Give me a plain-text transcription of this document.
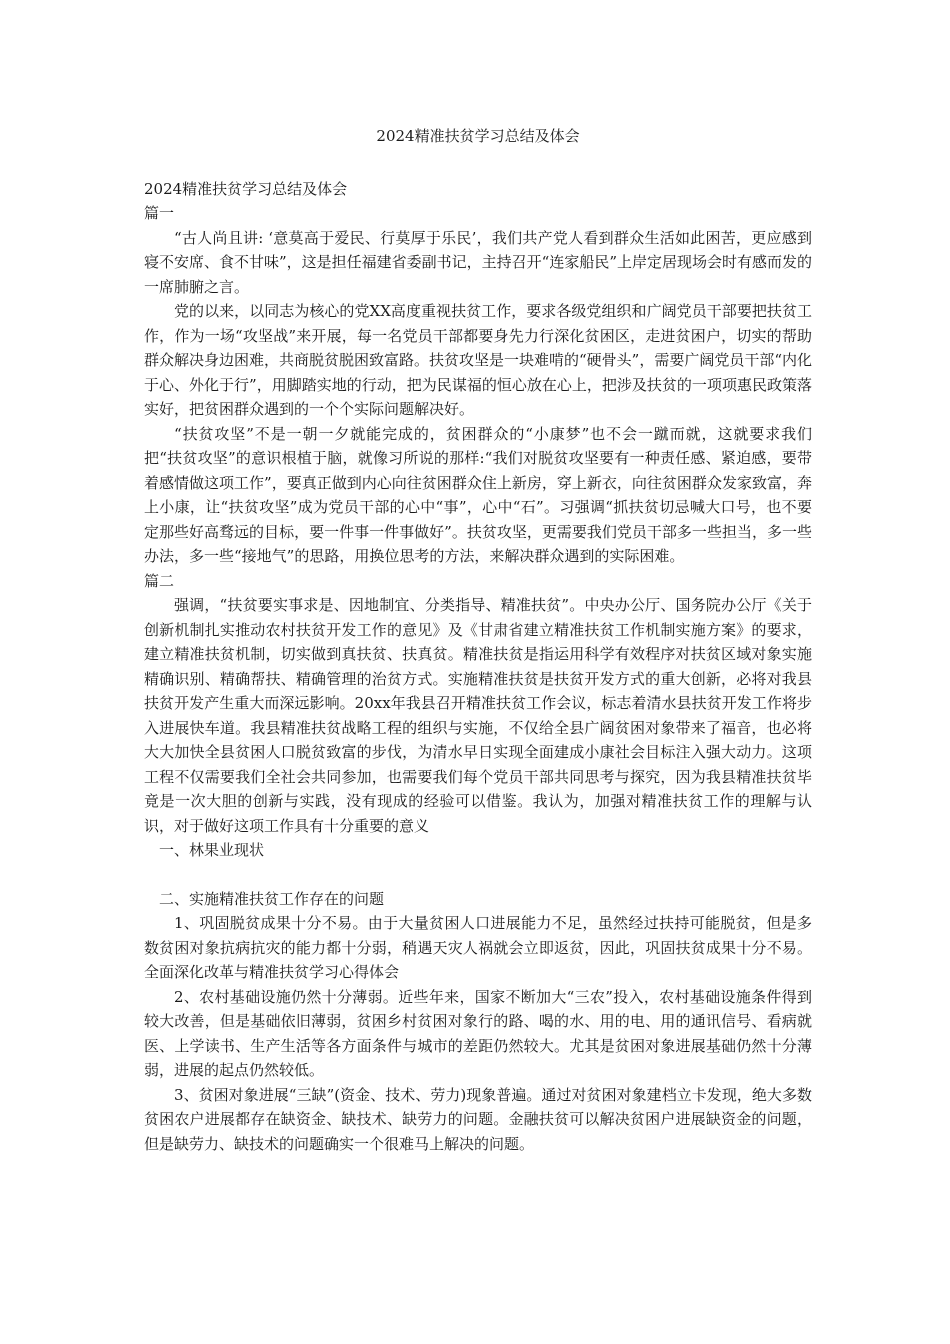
2024精准扶贫学习总结及体会

2024精准扶贫学习总结及体会

篇一

“古人尚且讲: ‘意莫高于爱民、行莫厚于乐民’，我们共产党人看到群众生活如此困苦，更应感到寝不安席、食不甘味”，这是担任福建省委副书记，主持召开“连家船民”上岸定居现场会时有感而发的一席肺腑之言。

党的以来，以同志为核心的党XX高度重视扶贫工作，要求各级党组织和广阔党员干部要把扶贫工作，作为一场“攻坚战”来开展，每一名党员干部都要身先力行深化贫困区，走进贫困户，切实的帮助群众解决身边困难，共商脱贫脱困致富路。扶贫攻坚是一块难啃的“硬骨头”，需要广阔党员干部“内化于心、外化于行”，用脚踏实地的行动，把为民谋福的恒心放在心上，把涉及扶贫的一项项惠民政策落实好，把贫困群众遇到的一个个实际问题解决好。

“扶贫攻坚”不是一朝一夕就能完成的，贫困群众的“小康梦”也不会一蹴而就，这就要求我们把“扶贫攻坚”的意识根植于脑，就像习所说的那样:“我们对脱贫攻坚要有一种责任感、紧迫感，要带着感情做这项工作”，要真正做到内心向往贫困群众住上新房，穿上新衣，向往贫困群众发家致富，奔上小康，让“扶贫攻坚”成为党员干部的心中“事”，心中“石”。习强调“抓扶贫切忌喊大口号，也不要定那些好高骛远的目标，要一件事一件事做好”。扶贫攻坚，更需要我们党员干部多一些担当，多一些办法，多一些“接地气”的思路，用换位思考的方法，来解决群众遇到的实际困难。

篇二

强调，“扶贫要实事求是、因地制宜、分类指导、精准扶贫”。中央办公厅、国务院办公厅《关于创新机制扎实推动农村扶贫开发工作的意见》及《甘肃省建立精准扶贫工作机制实施方案》的要求，建立精准扶贫机制，切实做到真扶贫、扶真贫。精准扶贫是指运用科学有效程序对扶贫区域对象实施精确识别、精确帮扶、精确管理的治贫方式。实施精准扶贫是扶贫开发方式的重大创新，必将对我县扶贫开发产生重大而深远影响。20xx年我县召开精准扶贫工作会议，标志着清水县扶贫开发工作将步入进展快车道。我县精准扶贫战略工程的组织与实施，不仅给全县广阔贫困对象带来了福音，也必将大大加快全县贫困人口脱贫致富的步伐，为清水早日实现全面建成小康社会目标注入强大动力。这项工程不仅需要我们全社会共同参加，也需要我们每个党员干部共同思考与探究，因为我县精准扶贫毕竟是一次大胆的创新与实践，没有现成的经验可以借鉴。我认为，加强对精准扶贫工作的理解与认识，对于做好这项工作具有十分重要的意义

一、林果业现状

二、实施精准扶贫工作存在的问题

1、巩固脱贫成果十分不易。由于大量贫困人口进展能力不足，虽然经过扶持可能脱贫，但是多数贫困对象抗病抗灾的能力都十分弱，稍遇天灾人祸就会立即返贫，因此，巩固扶贫成果十分不易。全面深化改革与精准扶贫学习心得体会

2、农村基础设施仍然十分薄弱。近些年来，国家不断加大“三农”投入，农村基础设施条件得到较大改善，但是基础依旧薄弱，贫困乡村贫困对象行的路、喝的水、用的电、用的通讯信号、看病就医、上学读书、生产生活等各方面条件与城市的差距仍然较大。尤其是贫困对象进展基础仍然十分薄弱，进展的起点仍然较低。

3、贫困对象进展“三缺”(资金、技术、劳力)现象普遍。通过对贫困对象建档立卡发现，绝大多数贫困农户进展都存在缺资金、缺技术、缺劳力的问题。金融扶贫可以解决贫困户进展缺资金的问题，但是缺劳力、缺技术的问题确实一个很难马上解决的问题。
